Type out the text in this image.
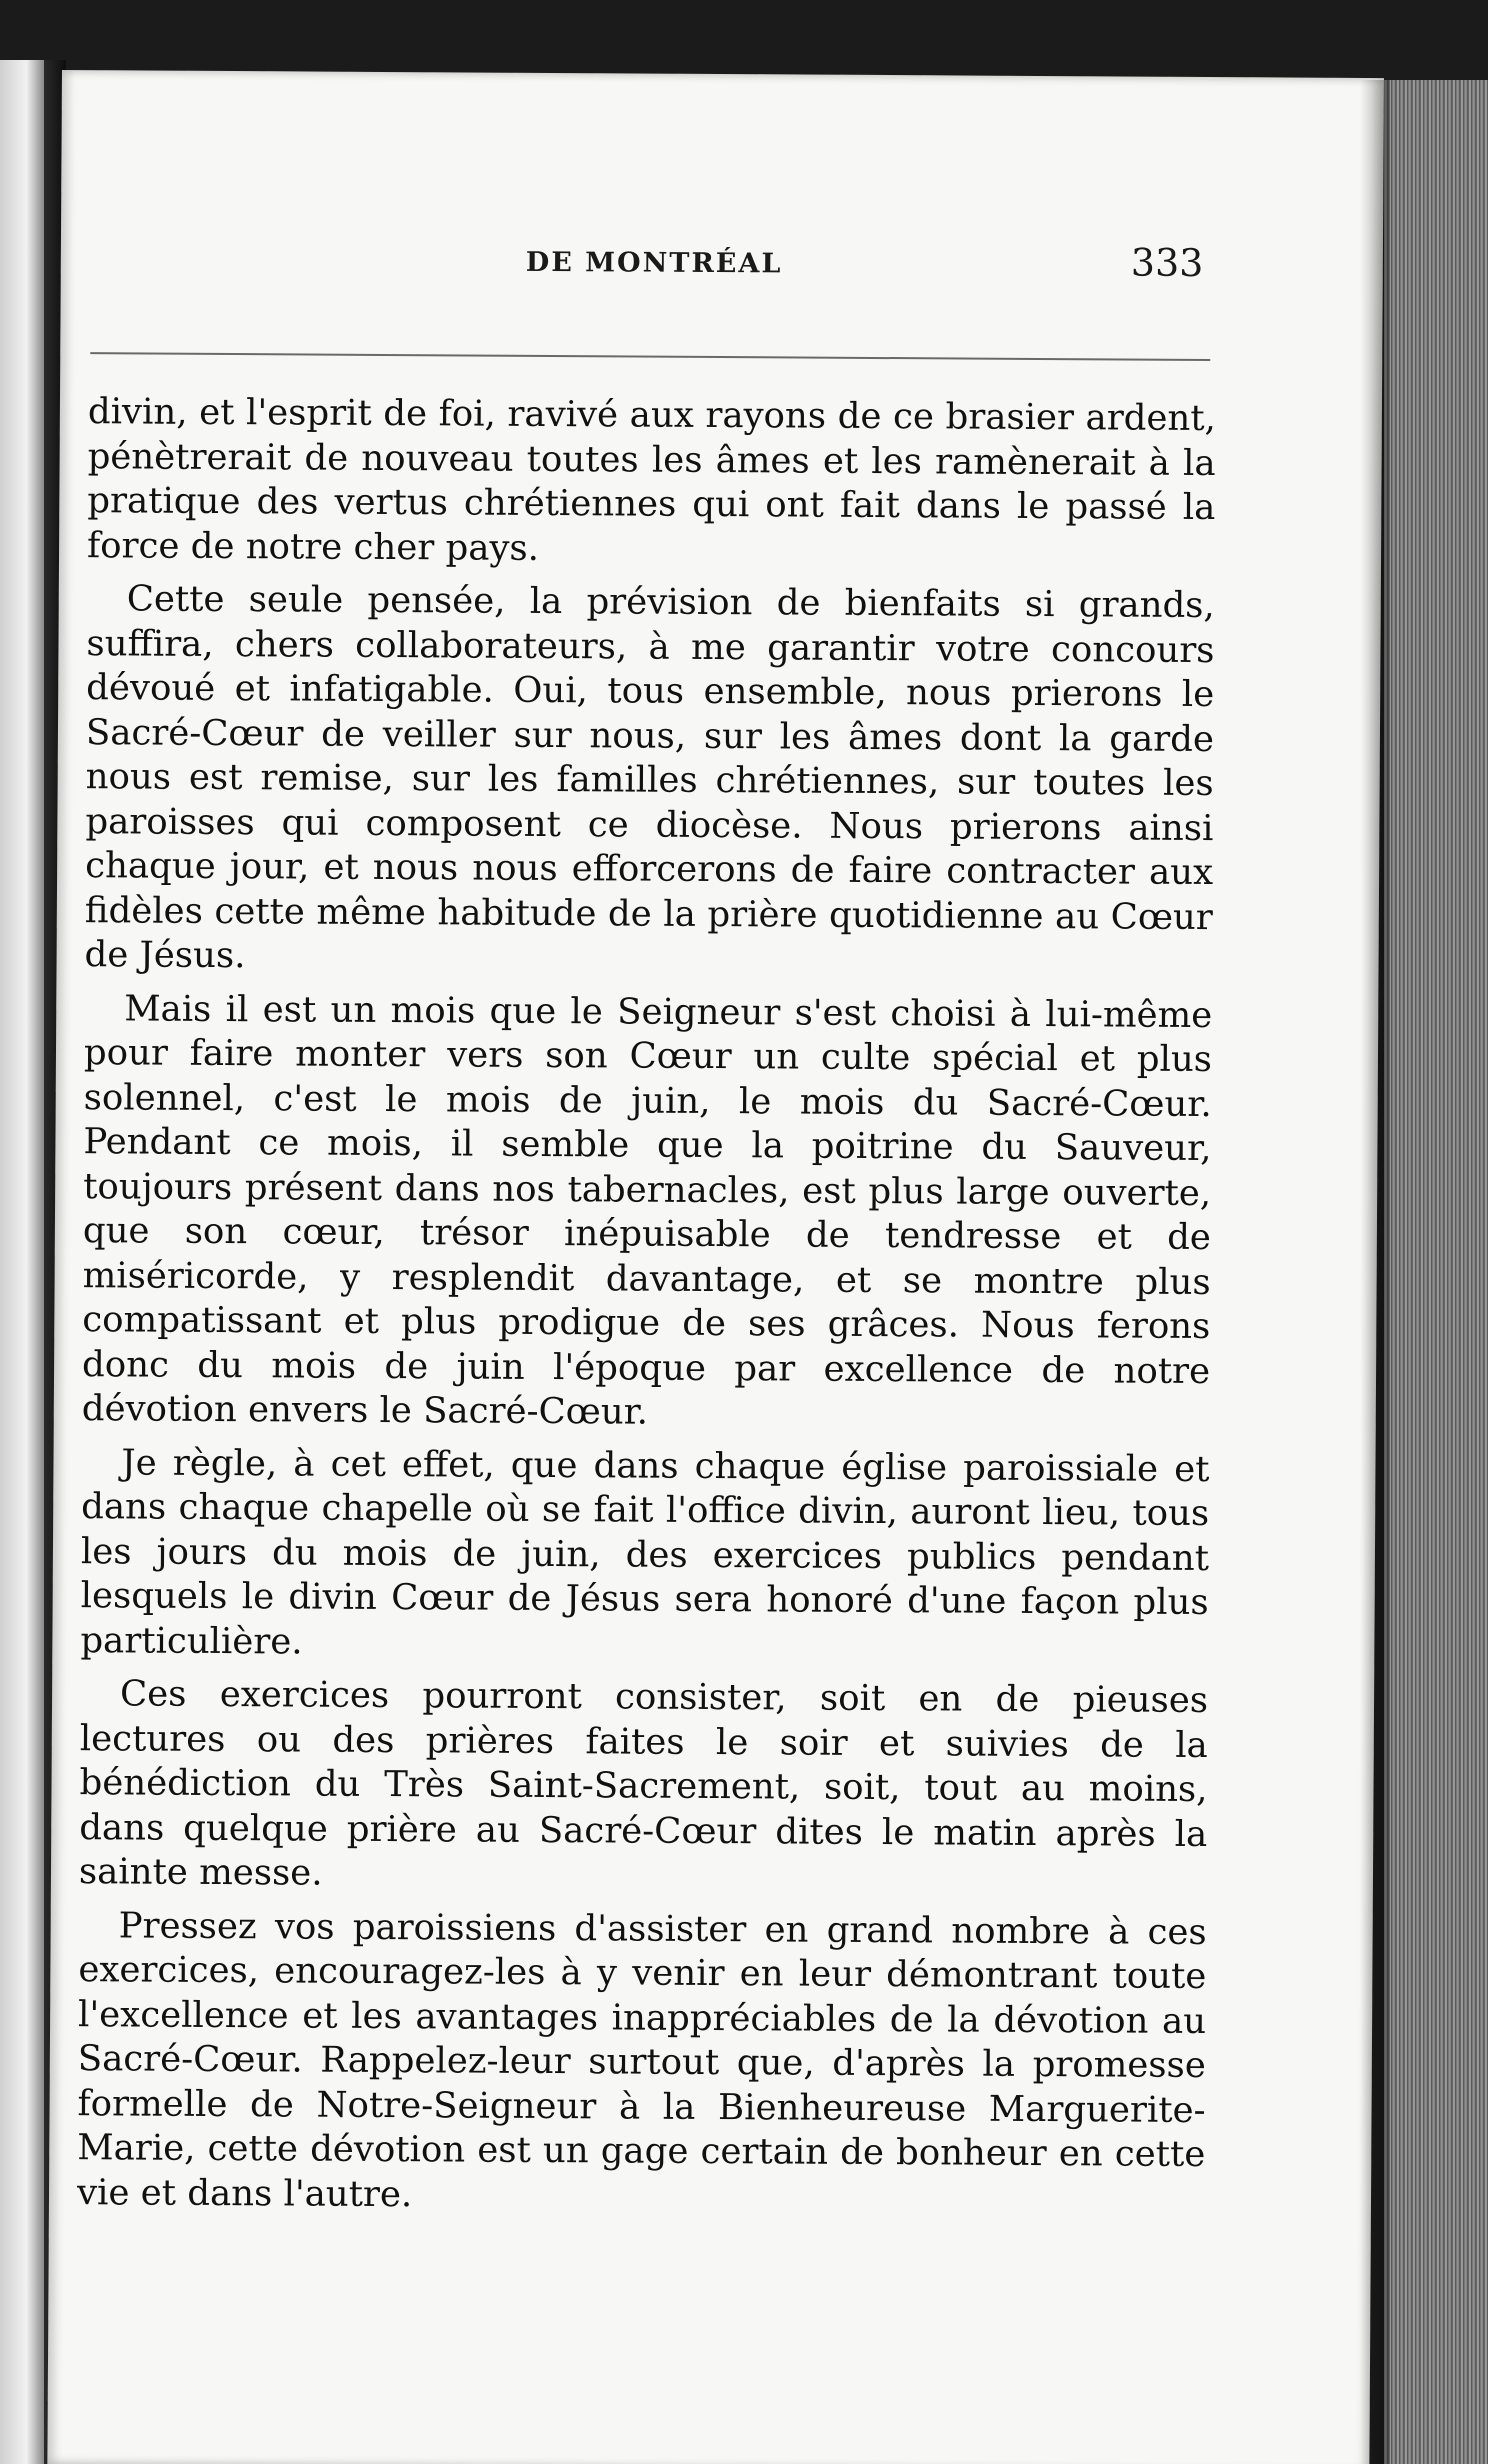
DE MONTRÉAL	333

divin, et l'esprit de foi, ravivé aux rayons de ce brasier ardent, pénètrerait de nouveau toutes les âmes et les ramènerait à la pratique des vertus chrétiennes qui ont fait dans le passé la force de notre cher pays.

Cette seule pensée, la prévision de bienfaits si grands, suffira, chers collaborateurs, à me garantir votre concours dévoué et infatigable. Oui, tous ensemble, nous prierons le Sacré-Cœur de veiller sur nous, sur les âmes dont la garde nous est remise, sur les familles chrétiennes, sur toutes les paroisses qui composent ce diocèse. Nous prierons ainsi chaque jour, et nous nous efforcerons de faire contracter aux fidèles cette même habitude de la prière quotidienne au Cœur de Jésus.

Mais il est un mois que le Seigneur s'est choisi à lui-même pour faire monter vers son Cœur un culte spécial et plus solennel, c'est le mois de juin, le mois du Sacré-Cœur. Pendant ce mois, il semble que la poitrine du Sauveur, toujours présent dans nos tabernacles, est plus large ouverte, que son cœur, trésor inépuisable de tendresse et de miséricorde, y resplendit davantage, et se montre plus compatissant et plus prodigue de ses grâces. Nous ferons donc du mois de juin l'époque par excellence de notre dévotion envers le Sacré-Cœur.

Je règle, à cet effet, que dans chaque église paroissiale et dans chaque chapelle où se fait l'office divin, auront lieu, tous les jours du mois de juin, des exercices publics pendant lesquels le divin Cœur de Jésus sera honoré d'une façon plus particulière.

Ces exercices pourront consister, soit en de pieuses lectures ou des prières faites le soir et suivies de la bénédiction du Très Saint-Sacrement, soit, tout au moins, dans quelque prière au Sacré-Cœur dites le matin après la sainte messe.

Pressez vos paroissiens d'assister en grand nombre à ces exercices, encouragez-les à y venir en leur démontrant toute l'excellence et les avantages inappréciables de la dévotion au Sacré-Cœur. Rappelez-leur surtout que, d'après la promesse formelle de Notre-Seigneur à la Bienheureuse Marguerite-Marie, cette dévotion est un gage certain de bonheur en cette vie et dans l'autre.
